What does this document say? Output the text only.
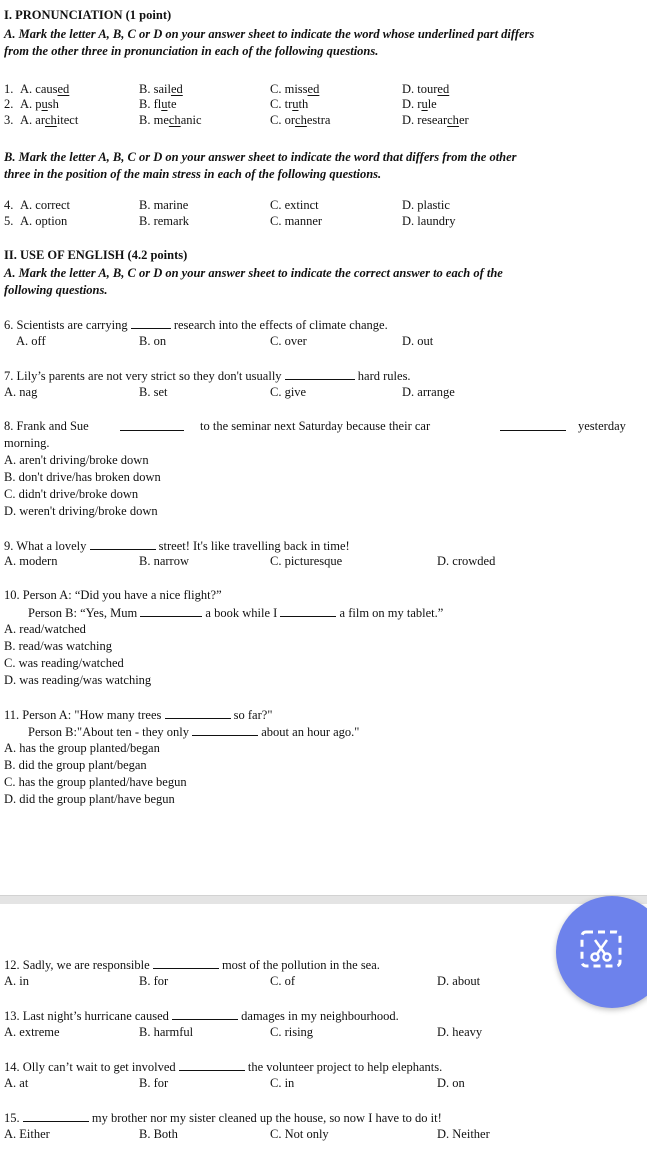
I. PRONUNCIATION (1 point)
A. Mark the letter A, B, C or D on your answer sheet to indicate the word whose underlined part differs
from the other three in pronunciation in each of the following questions.
1. A. caused	B. sailed	C. missed	D. toured
2. A. push	B. flute	C. truth	D. rule
3. A. architect	B. mechanic	C. orchestra	D. researcher
B. Mark the letter A, B, C or D on your answer sheet to indicate the word that differs from the other
three in the position of the main stress in each of the following questions.
4. A. correct	B. marine	C. extinct	D. plastic
5. A. option	B. remark	C. manner	D. laundry
II. USE OF ENGLISH (4.2 points)
A. Mark the letter A, B, C or D on your answer sheet to indicate the correct answer to each of the
following questions.
6. Scientists are carrying	research into the effects of climate change.
A. off	B. on	C. over	D. out
7. Lily’s parents are not very strict so they don't usually	hard rules.
A. nag	B. set	C. give	D. arrange
8. Frank and Sue	to the seminar next Saturday because their car	yesterday
morning.
A. aren't driving/broke down
B. don't drive/has broken down
C. didn't drive/broke down
D. weren't driving/broke down
9. What a lovely	street! It's like travelling back in time!
A. modern	B. narrow	C. picturesque	D. crowded
10. Person A: “Did you have a nice flight?”
Person B: “Yes, Mum	a book while I	a film on my tablet.”
A. read/watched
B. read/was watching
C. was reading/watched
D. was reading/was watching
11. Person A: "How many trees	so far?"
Person B:"About ten - they only	about an hour ago."
A. has the group planted/began
B. did the group plant/began
C. has the group planted/have begun
D. did the group plant/have begun
12. Sadly, we are responsible	most of the pollution in the sea.
A. in	B. for	C. of	D. about
13. Last night’s hurricane caused	damages in my neighbourhood.
A. extreme	B. harmful	C. rising	D. heavy
14. Olly can’t wait to get involved	the volunteer project to help elephants.
A. at	B. for	C. in	D. on
15.	my brother nor my sister cleaned up the house, so now I have to do it!
A. Either	B. Both	C. Not only	D. Neither
